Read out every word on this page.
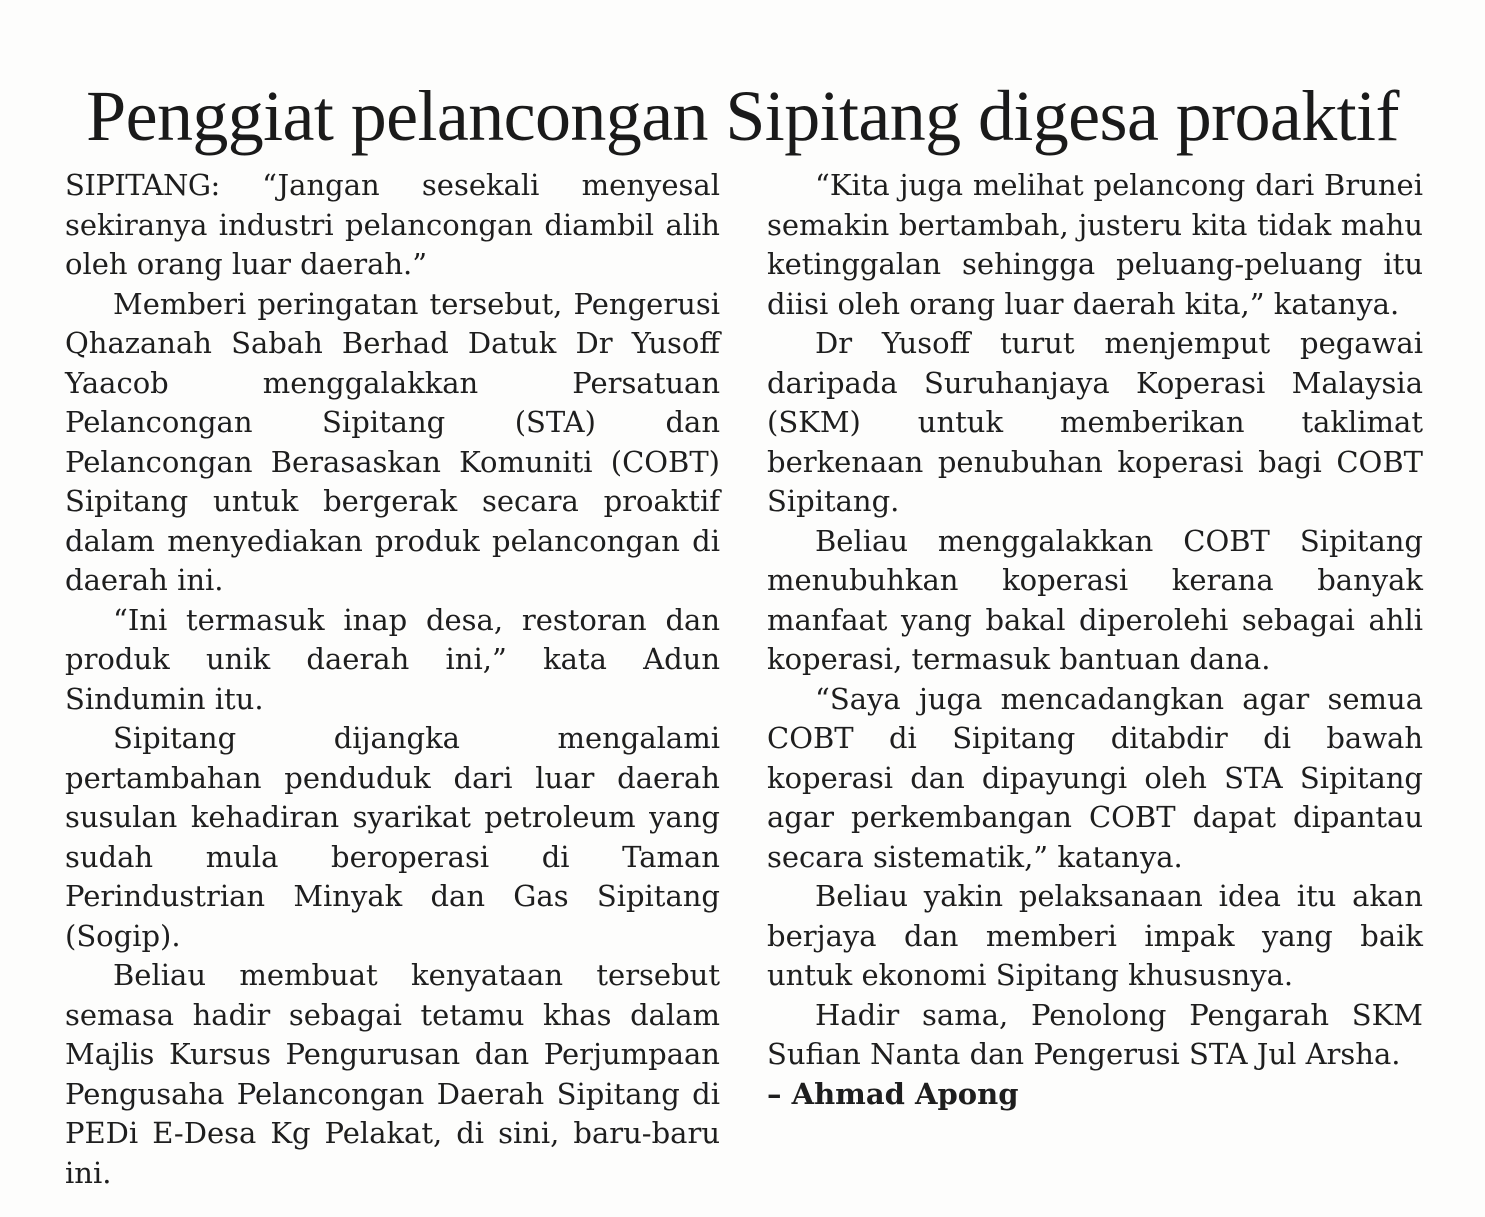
Penggiat pelancongan Sipitang digesa proaktif

SIPITANG: “Jangan sesekali menyesal sekiranya industri pelancongan diambil alih oleh orang luar daerah.”

Memberi peringatan tersebut, Pengerusi Qhazanah Sabah Berhad Datuk Dr Yusoff Yaacob menggalakkan Persatuan Pelancongan Sipitang (STA) dan Pelancongan Berasaskan Komuniti (COBT) Sipitang untuk bergerak secara proaktif dalam menyediakan produk pelancongan di daerah ini.

“Ini termasuk inap desa, restoran dan produk unik daerah ini,” kata Adun Sindumin itu.

Sipitang dijangka mengalami pertambahan penduduk dari luar daerah susulan kehadiran syarikat petroleum yang sudah mula beroperasi di Taman Perindustrian Minyak dan Gas Sipitang (Sogip).

Beliau membuat kenyataan tersebut semasa hadir sebagai tetamu khas dalam Majlis Kursus Pengurusan dan Perjumpaan Pengusaha Pelancongan Daerah Sipitang di PEDi E-Desa Kg Pelakat, di sini, baru-baru ini.

“Kita juga melihat pelancong dari Brunei semakin bertambah, justeru kita tidak mahu ketinggalan sehingga peluang-peluang itu diisi oleh orang luar daerah kita,” katanya.

Dr Yusoff turut menjemput pegawai daripada Suruhanjaya Koperasi Malaysia (SKM) untuk memberikan taklimat berkenaan penubuhan koperasi bagi COBT Sipitang.

Beliau menggalakkan COBT Sipitang menubuhkan koperasi kerana banyak manfaat yang bakal diperolehi sebagai ahli koperasi, termasuk bantuan dana.

“Saya juga mencadangkan agar semua COBT di Sipitang ditabdir di bawah koperasi dan dipayungi oleh STA Sipitang agar perkembangan COBT dapat dipantau secara sistematik,” katanya.

Beliau yakin pelaksanaan idea itu akan berjaya dan memberi impak yang baik untuk ekonomi Sipitang khususnya.

Hadir sama, Penolong Pengarah SKM Sufian Nanta dan Pengerusi STA Jul Arsha.

– Ahmad Apong
